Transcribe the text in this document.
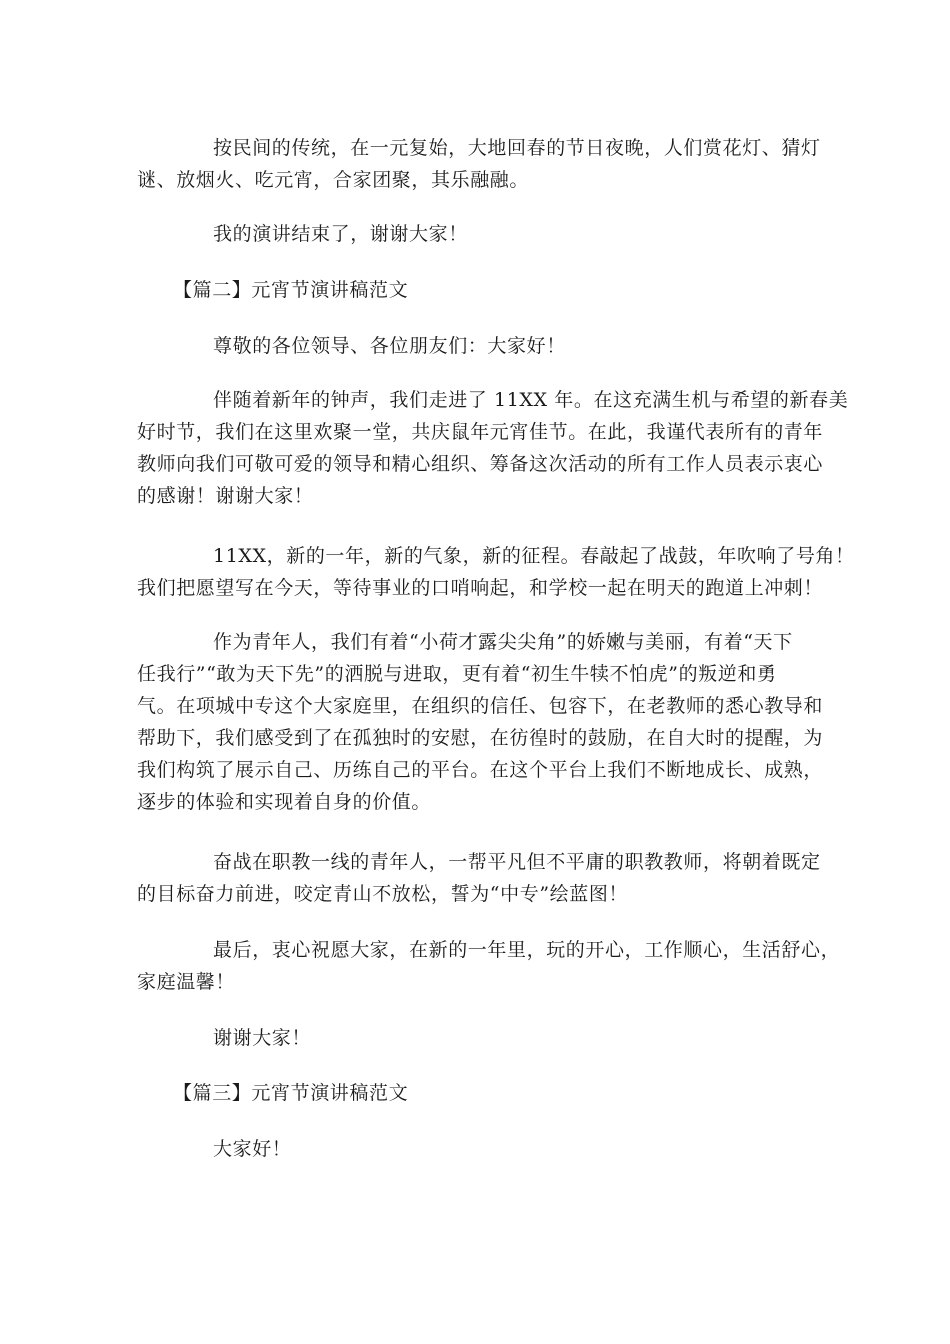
按民间的传统，在一元复始，大地回春的节日夜晚，人们赏花灯、猜灯
谜、放烟火、吃元宵，合家团聚，其乐融融。
我的演讲结束了，谢谢大家！
【篇二】元宵节演讲稿范文
尊敬的各位领导、各位朋友们：大家好！
伴随着新年的钟声，我们走进了 11XX 年。在这充满生机与希望的新春美
好时节，我们在这里欢聚一堂，共庆鼠年元宵佳节。在此，我谨代表所有的青年
教师向我们可敬可爱的领导和精心组织、筹备这次活动的所有工作人员表示衷心
的感谢！谢谢大家！
11XX，新的一年，新的气象，新的征程。春敲起了战鼓，年吹响了号角！
我们把愿望写在今天，等待事业的口哨响起，和学校一起在明天的跑道上冲刺！
作为青年人，我们有着“小荷才露尖尖角”的娇嫩与美丽，有着“天下
任我行”“敢为天下先”的洒脱与进取，更有着“初生牛犊不怕虎”的叛逆和勇
气。在项城中专这个大家庭里，在组织的信任、包容下，在老教师的悉心教导和
帮助下，我们感受到了在孤独时的安慰，在彷徨时的鼓励，在自大时的提醒，为
我们构筑了展示自己、历练自己的平台。在这个平台上我们不断地成长、成熟，
逐步的体验和实现着自身的价值。
奋战在职教一线的青年人，一帮平凡但不平庸的职教教师，将朝着既定
的目标奋力前进，咬定青山不放松，誓为“中专”绘蓝图！
最后，衷心祝愿大家，在新的一年里，玩的开心，工作顺心，生活舒心，
家庭温馨！
谢谢大家！
【篇三】元宵节演讲稿范文
大家好！
